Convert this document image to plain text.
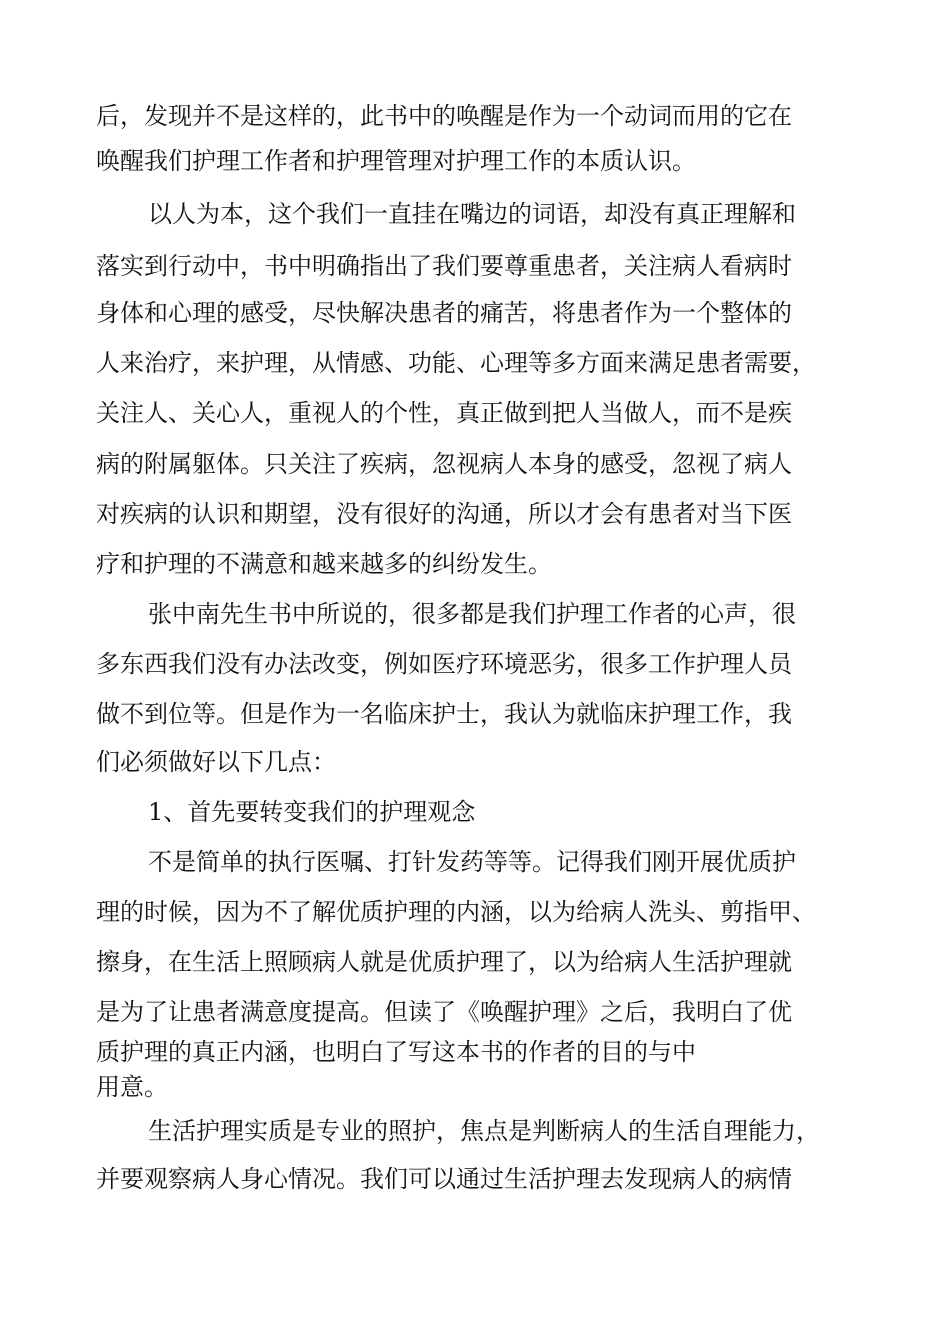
后，发现并不是这样的，此书中的唤醒是作为一个动词而用的它在

唤醒我们护理工作者和护理管理对护理工作的本质认识。

以人为本，这个我们一直挂在嘴边的词语，却没有真正理解和

落实到行动中，书中明确指出了我们要尊重患者，关注病人看病时

身体和心理的感受，尽快解决患者的痛苦，将患者作为一个整体的

人来治疗，来护理，从情感、功能、心理等多方面来满足患者需要，

关注人、关心人，重视人的个性，真正做到把人当做人，而不是疾

病的附属躯体。只关注了疾病，忽视病人本身的感受，忽视了病人

对疾病的认识和期望，没有很好的沟通，所以才会有患者对当下医

疗和护理的不满意和越来越多的纠纷发生。

张中南先生书中所说的，很多都是我们护理工作者的心声，很

多东西我们没有办法改变，例如医疗环境恶劣，很多工作护理人员

做不到位等。但是作为一名临床护士，我认为就临床护理工作，我

们必须做好以下几点：

1、首先要转变我们的护理观念

不是简单的执行医嘱、打针发药等等。记得我们刚开展优质护

理的时候，因为不了解优质护理的内涵，以为给病人洗头、剪指甲、

擦身，在生活上照顾病人就是优质护理了，以为给病人生活护理就

是为了让患者满意度提高。但读了《唤醒护理》之后，我明白了优

质护理的真正内涵，也明白了写这本书的作者的目的与中

用意。

生活护理实质是专业的照护，焦点是判断病人的生活自理能力，

并要观察病人身心情况。我们可以通过生活护理去发现病人的病情
